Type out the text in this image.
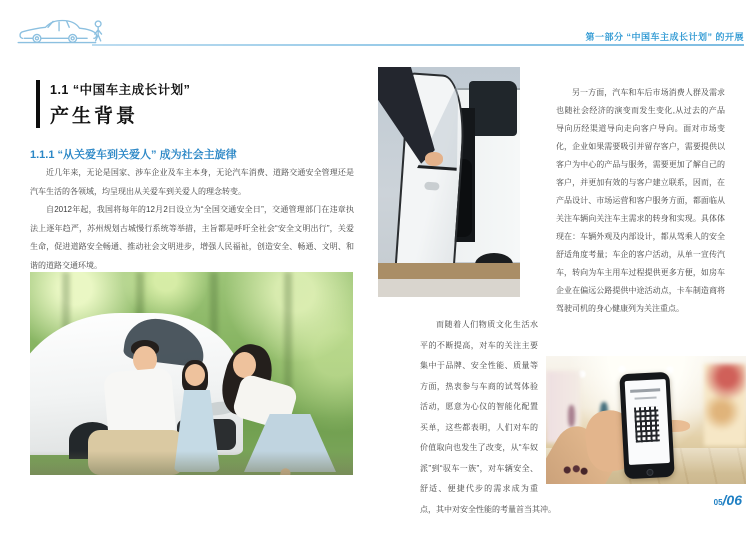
第一部分 “中国车主成长计划” 的开展
1.1 “中国车主成长计划”
产生背景
1.1.1 “从关爱车到关爱人” 成为社会主旋律

近几年来，无论是国家、涉车企业及车主本身，无论汽车消费、道路交通安全管理还是汽车生活的各领域，均呈现出从关爱车到关爱人的理念转变。

自2012年起，我国将每年的12月2日设立为“全国交通安全日”，交通管理部门在违章执法上逐年趋严，苏州规划古城慢行系统等举措，主旨都是呼吁全社会“安全文明出行”，关爱生命，促进道路安全畅通、推动社会文明进步，增强人民福祉，创造安全、畅通、文明、和谐的道路交通环境。

另一方面，汽车和车后市场消费人群及需求也随社会经济的演变而发生变化,从过去的产品导向历经渠道导向走向客户导向。面对市场变化，企业如果需要吸引并留存客户，需要提供以客户为中心的产品与服务，需要更加了解自己的客户，并更加有效的与客户建立联系，因而，在产品设计、市场运营和客户服务方面，都面临从关注车辆向关注车主需求的转身和实现。具体体现在：车辆外观及内部设计，都从驾乘人的安全舒适角度考量；车企的客户活动，从单一宣传汽车，转向为车主用车过程提供更多方便，如房车企业在偏远公路提供中途活动点，卡车制造商将驾驶司机的身心健康列为关注重点。

而随着人们物质文化生活水平的不断提高，对车的关注主要集中于品牌、安全性能、质量等方面，热衷参与车商的试驾体验活动，愿意为心仪的智能化配置买单，这些都表明，人们对车的价值取向也发生了改变，从“车奴派”到“驭车一族”，对车辆安全、舒适、便捷代步的需求成为重点，其中对安全性能的考量首当其冲。

05/06
